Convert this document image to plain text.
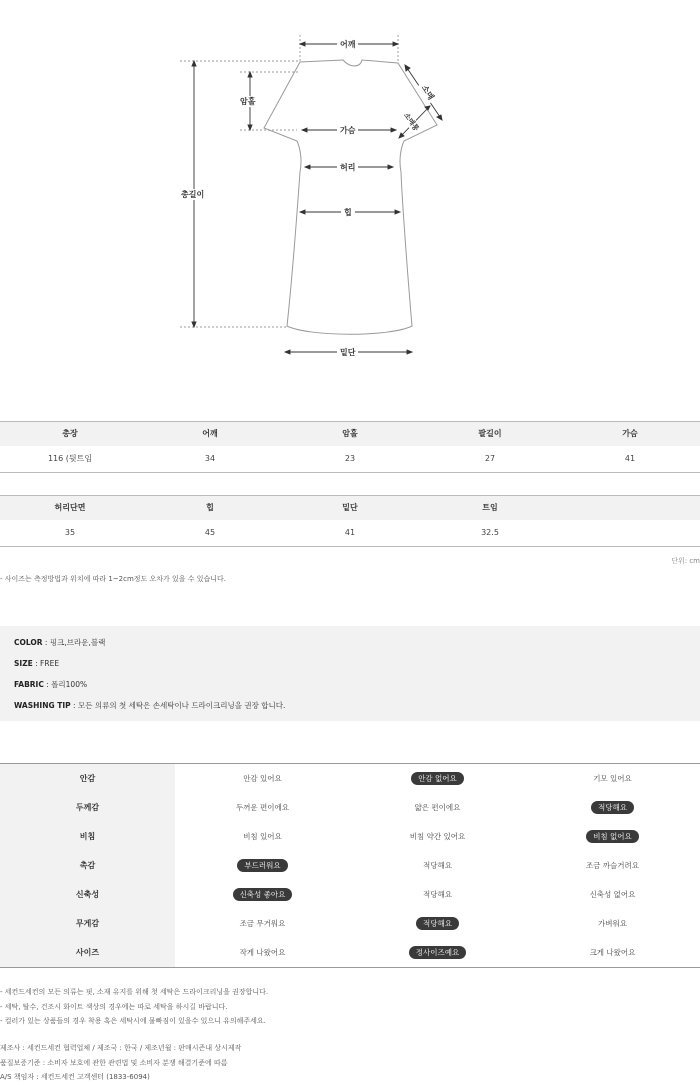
어깨
암홀
소매
소매통
가슴
허리
총길이
힙
밑단
총장	어깨	암홀	팔길이	가슴
116 (뒷트임	34	23	27	41
허리단면	힙	밑단	트임	
35	45	41	32.5	
단위: cm
- 사이즈는 측정방법과 위치에 따라 1~2cm정도 오차가 있을 수 있습니다.
COLOR : 핑크,브라운,블랙
SIZE : FREE
FABRIC : 폴리100%
WASHING TIP : 모든 의류의 첫 세탁은 손세탁이나 드라이크리닝을 권장 합니다.
안감	안감 있어요	안감 없어요	기모 있어요
두께감	두꺼운 편이에요	얇은 편이에요	적당해요
비침	비침 있어요	비침 약간 있어요	비침 없어요
촉감	부드러워요	적당해요	조금 까슬거려요
신축성	신축성 좋아요	적당해요	신축성 없어요
무게감	조금 무거워요	적당해요	가벼워요
사이즈	작게 나왔어요	정사이즈예요	크게 나왔어요
- 세컨드세컨의 모든 의류는 핏, 소재 유지를 위해 첫 세탁은 드라이크리닝을 권장합니다.
- 세탁, 탈수, 건조시 화이트 색상의 경우에는 따로 세탁을 하시길 바랍니다.
- 컬러가 있는 상품들의 경우 착용 혹은 세탁시에 물빠짐이 있을수 있으니 유의해주세요.
제조사 : 세컨드세컨 협력업체 / 제조국 : 한국 / 제조년월 : 판매시즌내 상시제작
품질보증기준 : 소비자 보호에 관한 관련법 및 소비자 분쟁 해결기준에 따름
A/S 책임자 : 세컨드세컨 고객센터 (1833-6094)
